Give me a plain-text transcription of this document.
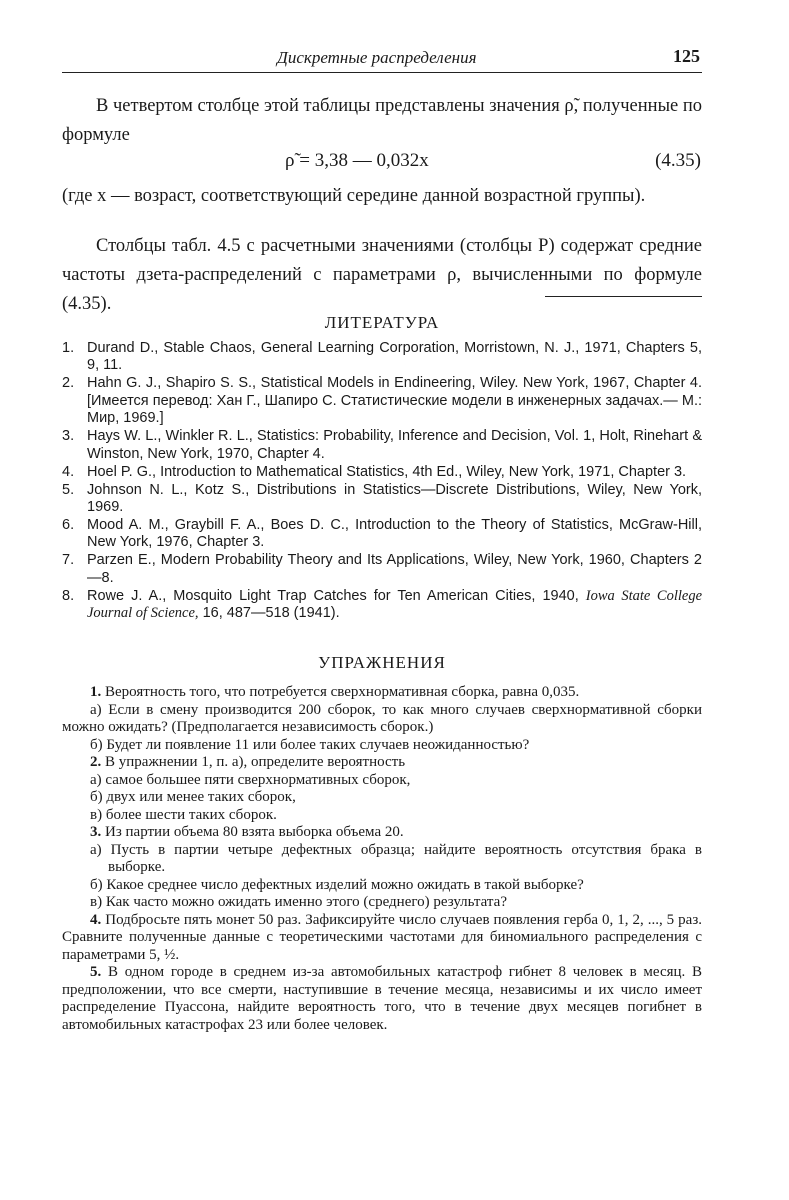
Дискретные распределения	125
В четвертом столбце этой таблицы представлены значения ρ̃, полученные по формуле
ρ̃ = 3,38 — 0,032x	(4.35)
(где x — возраст, соответствующий середине данной возрастной группы).
Столбцы табл. 4.5 с расчетными значениями (столбцы P) содержат средние частоты дзета-распределений с параметрами ρ, вычисленными по формуле (4.35).
ЛИТЕРАТУРА
1. Durand D., Stable Chaos, General Learning Corporation, Morristown, N. J., 1971, Chapters 5, 9, 11.
2. Hahn G. J., Shapiro S. S., Statistical Models in Endineering, Wiley. New York, 1967, Chapter 4. [Имеется перевод: Хан Г., Шапиро С. Статистические модели в инженерных задачах.— М.: Мир, 1969.]
3. Hays W. L., Winkler R. L., Statistics: Probability, Inference and Decision, Vol. 1, Holt, Rinehart & Winston, New York, 1970, Chapter 4.
4. Hoel P. G., Introduction to Mathematical Statistics, 4th Ed., Wiley, New York, 1971, Chapter 3.
5. Johnson N. L., Kotz S., Distributions in Statistics—Discrete Distributions, Wiley, New York, 1969.
6. Mood A. M., Graybill F. A., Boes D. C., Introduction to the Theory of Statistics, McGraw-Hill, New York, 1976, Chapter 3.
7. Parzen E., Modern Probability Theory and Its Applications, Wiley, New York, 1960, Chapters 2—8.
8. Rowe J. A., Mosquito Light Trap Catches for Ten American Cities, 1940, Iowa State College Journal of Science, 16, 487—518 (1941).
УПРАЖНЕНИЯ
1. Вероятность того, что потребуется сверхнормативная сборка, равна 0,035.
а) Если в смену производится 200 сборок, то как много случаев сверхнормативной сборки можно ожидать? (Предполагается независимость сборок.)
б) Будет ли появление 11 или более таких случаев неожиданностью?
2. В упражнении 1, п. а), определите вероятность
а) самое большее пяти сверхнормативных сборок,
б) двух или менее таких сборок,
в) более шести таких сборок.
3. Из партии объема 80 взята выборка объема 20.
а) Пусть в партии четыре дефектных образца; найдите вероятность отсутствия брака в выборке.
б) Какое среднее число дефектных изделий можно ожидать в такой выборке?
в) Как часто можно ожидать именно этого (среднего) результата?
4. Подбросьте пять монет 50 раз. Зафиксируйте число случаев появления герба 0, 1, 2, ..., 5 раз. Сравните полученные данные с теоретическими частотами для биномиального распределения с параметрами 5, ½.
5. В одном городе в среднем из-за автомобильных катастроф гибнет 8 человек в месяц. В предположении, что все смерти, наступившие в течение месяца, независимы и их число имеет распределение Пуассона, найдите вероятность того, что в течение двух месяцев погибнет в автомобильных катастрофах 23 или более человек.
